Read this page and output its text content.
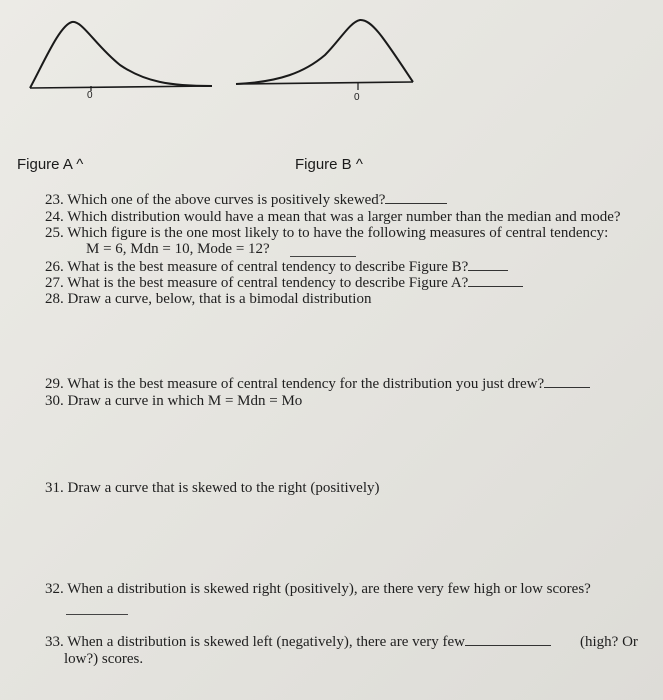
0	0
Figure A ^	Figure B ^
23. Which one of the above curves is positively skewed?
24. Which distribution would have a mean that was a larger number than the median and mode?
25. Which figure is the one most likely to to have the following measures of central tendency:
M = 6, Mdn = 10, Mode = 12?
26. What is the best measure of central tendency to describe Figure B?
27. What is the best measure of central tendency to describe Figure A?
28. Draw a curve, below, that is a bimodal distribution
29. What is the best measure of central tendency for the distribution you just drew?
30. Draw a curve in which M = Mdn = Mo
31. Draw a curve that is skewed to the right (positively)
32. When a distribution is skewed right (positively), are there very few high or low scores?
33. When a distribution is skewed left (negatively), there are very few	(high? Or
low?) scores.
